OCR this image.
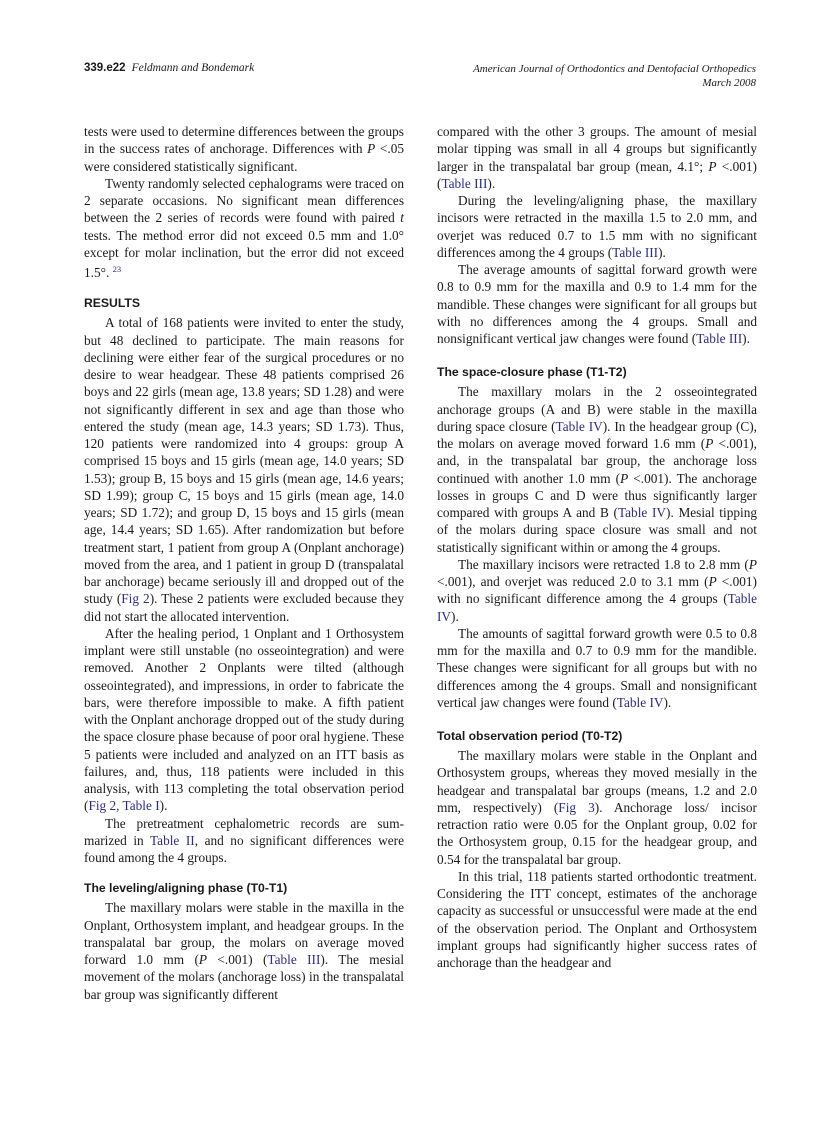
339.e22 Feldmann and Bondemark	American Journal of Orthodontics and Dentofacial Orthopedics
March 2008

tests were used to determine differences between the groups in the success rates of anchorage. Differences with P <.05 were considered statistically significant.

Twenty randomly selected cephalograms were traced on 2 separate occasions. No significant mean differences between the 2 series of records were found with paired t tests. The method error did not exceed 0.5 mm and 1.0° except for molar inclination, but the error did not exceed 1.5°. $^{23}$

RESULTS

A total of 168 patients were invited to enter the study, but 48 declined to participate. The main reasons for declining were either fear of the surgical procedures or no desire to wear headgear. These 48 patients comprised 26 boys and 22 girls (mean age, 13.8 years; SD 1.28) and were not significantly different in sex and age than those who entered the study (mean age, 14.3 years; SD 1.73). Thus, 120 patients were randomized into 4 groups: group A comprised 15 boys and 15 girls (mean age, 14.0 years; SD 1.53); group B, 15 boys and 15 girls (mean age, 14.6 years; SD 1.99); group C, 15 boys and 15 girls (mean age, 14.0 years; SD 1.72); and group D, 15 boys and 15 girls (mean age, 14.4 years; SD 1.65). After randomization but before treatment start, 1 patient from group A (Onplant anchorage) moved from the area, and 1 patient in group D (transpalatal bar anchorage) became seriously ill and dropped out of the study (Fig 2). These 2 patients were excluded because they did not start the allocated intervention.

After the healing period, 1 Onplant and 1 Orthosystem implant were still unstable (no osseointegration) and were removed. Another 2 Onplants were tilted (although osseointegrated), and impressions, in order to fabricate the bars, were therefore impossible to make. A fifth patient with the Onplant anchorage dropped out of the study during the space closure phase because of poor oral hygiene. These 5 patients were included and analyzed on an ITT basis as failures, and, thus, 118 patients were included in this analysis, with 113 completing the total observation period (Fig 2, Table I).

The pretreatment cephalometric records are summarized in Table II, and no significant differences were found among the 4 groups.

The leveling/aligning phase (T0-T1)

The maxillary molars were stable in the maxilla in the Onplant, Orthosystem implant, and headgear groups. In the transpalatal bar group, the molars on average moved forward 1.0 mm (P <.001) (Table III). The mesial movement of the molars (anchorage loss) in the transpalatal bar group was significantly different

compared with the other 3 groups. The amount of mesial molar tipping was small in all 4 groups but significantly larger in the transpalatal bar group (mean, 4.1°; P <.001) (Table III).

During the leveling/aligning phase, the maxillary incisors were retracted in the maxilla 1.5 to 2.0 mm, and overjet was reduced 0.7 to 1.5 mm with no significant differences among the 4 groups (Table III).

The average amounts of sagittal forward growth were 0.8 to 0.9 mm for the maxilla and 0.9 to 1.4 mm for the mandible. These changes were significant for all groups but with no differences among the 4 groups. Small and nonsignificant vertical jaw changes were found (Table III).

The space-closure phase (T1-T2)

The maxillary molars in the 2 osseointegrated anchorage groups (A and B) were stable in the maxilla during space closure (Table IV). In the headgear group (C), the molars on average moved forward 1.6 mm (P <.001), and, in the transpalatal bar group, the anchorage loss continued with another 1.0 mm (P <.001). The anchorage losses in groups C and D were thus significantly larger compared with groups A and B (Table IV). Mesial tipping of the molars during space closure was small and not statistically significant within or among the 4 groups.

The maxillary incisors were retracted 1.8 to 2.8 mm (P <.001), and overjet was reduced 2.0 to 3.1 mm (P <.001) with no significant difference among the 4 groups (Table IV).

The amounts of sagittal forward growth were 0.5 to 0.8 mm for the maxilla and 0.7 to 0.9 mm for the mandible. These changes were significant for all groups but with no differences among the 4 groups. Small and nonsignificant vertical jaw changes were found (Table IV).

Total observation period (T0-T2)

The maxillary molars were stable in the Onplant and Orthosystem groups, whereas they moved mesially in the headgear and transpalatal bar groups (means, 1.2 and 2.0 mm, respectively) (Fig 3). Anchorage loss/ incisor retraction ratio were 0.05 for the Onplant group, 0.02 for the Orthosystem group, 0.15 for the headgear group, and 0.54 for the transpalatal bar group.

In this trial, 118 patients started orthodontic treatment. Considering the ITT concept, estimates of the anchorage capacity as successful or unsuccessful were made at the end of the observation period. The Onplant and Orthosystem implant groups had significantly higher success rates of anchorage than the headgear and
